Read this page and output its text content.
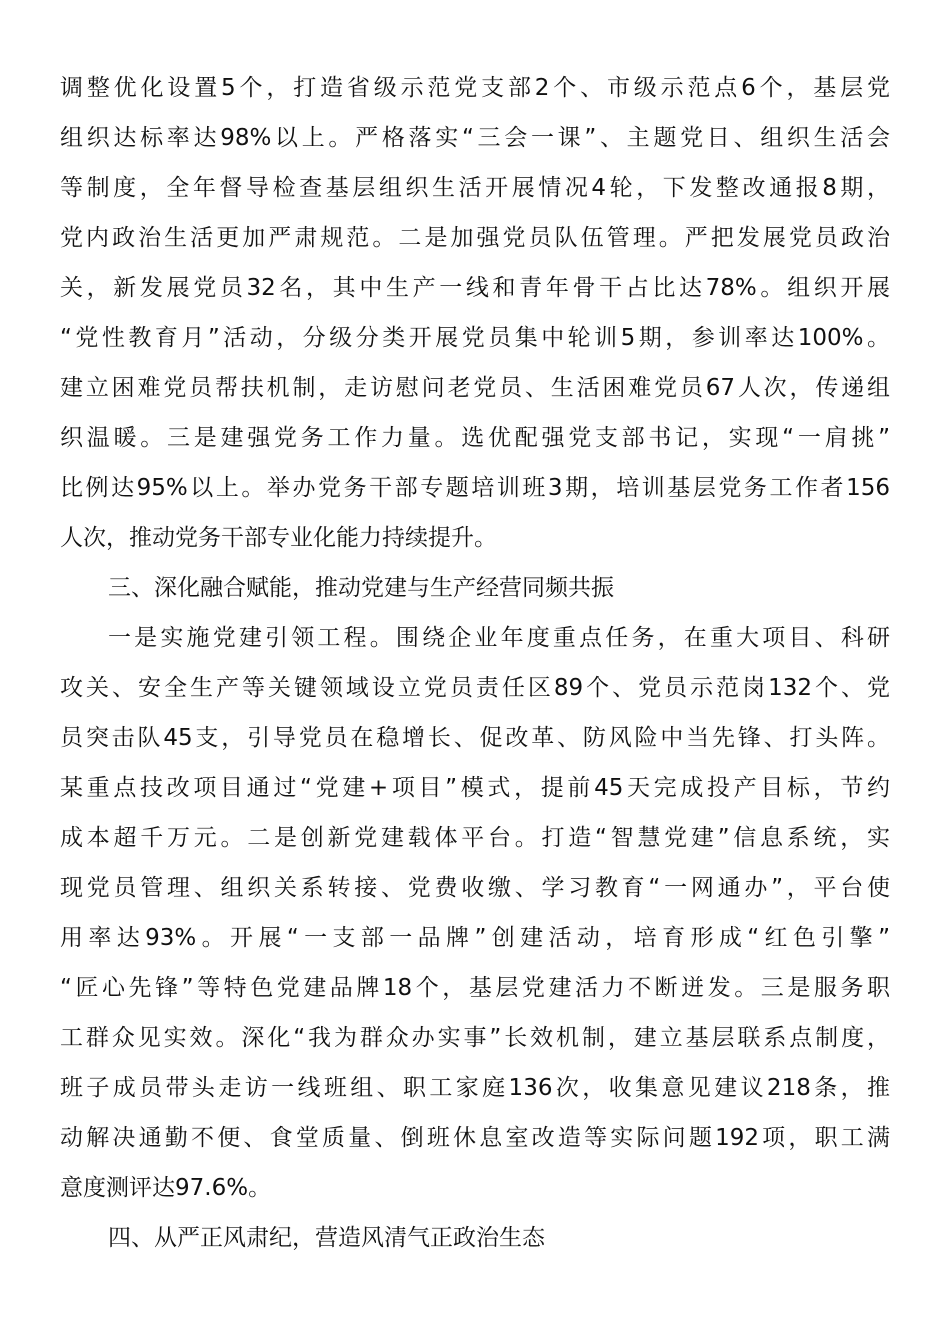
调整优化设置5个，打造省级示范党支部2个、市级示范点6个，基层党
组织达标率达98%以上。严格落实“三会一课”、主题党日、组织生活会
等制度，全年督导检查基层组织生活开展情况4轮，下发整改通报8期，
党内政治生活更加严肃规范。二是加强党员队伍管理。严把发展党员政治
关，新发展党员32名，其中生产一线和青年骨干占比达78%。组织开展
“党性教育月”活动，分级分类开展党员集中轮训5期，参训率达100%。
建立困难党员帮扶机制，走访慰问老党员、生活困难党员67人次，传递组
织温暖。三是建强党务工作力量。选优配强党支部书记，实现“一肩挑”
比例达95%以上。举办党务干部专题培训班3期，培训基层党务工作者156
人次，推动党务干部专业化能力持续提升。
三、深化融合赋能，推动党建与生产经营同频共振
一是实施党建引领工程。围绕企业年度重点任务，在重大项目、科研
攻关、安全生产等关键领域设立党员责任区89个、党员示范岗132个、党
员突击队45支，引导党员在稳增长、促改革、防风险中当先锋、打头阵。
某重点技改项目通过“党建+项目”模式，提前45天完成投产目标，节约
成本超千万元。二是创新党建载体平台。打造“智慧党建”信息系统，实
现党员管理、组织关系转接、党费收缴、学习教育“一网通办”，平台使
用率达93%。开展“一支部一品牌”创建活动，培育形成“红色引擎”
“匠心先锋”等特色党建品牌18个，基层党建活力不断迸发。三是服务职
工群众见实效。深化“我为群众办实事”长效机制，建立基层联系点制度，
班子成员带头走访一线班组、职工家庭136次，收集意见建议218条，推
动解决通勤不便、食堂质量、倒班休息室改造等实际问题192项，职工满
意度测评达97.6%。
四、从严正风肃纪，营造风清气正政治生态
